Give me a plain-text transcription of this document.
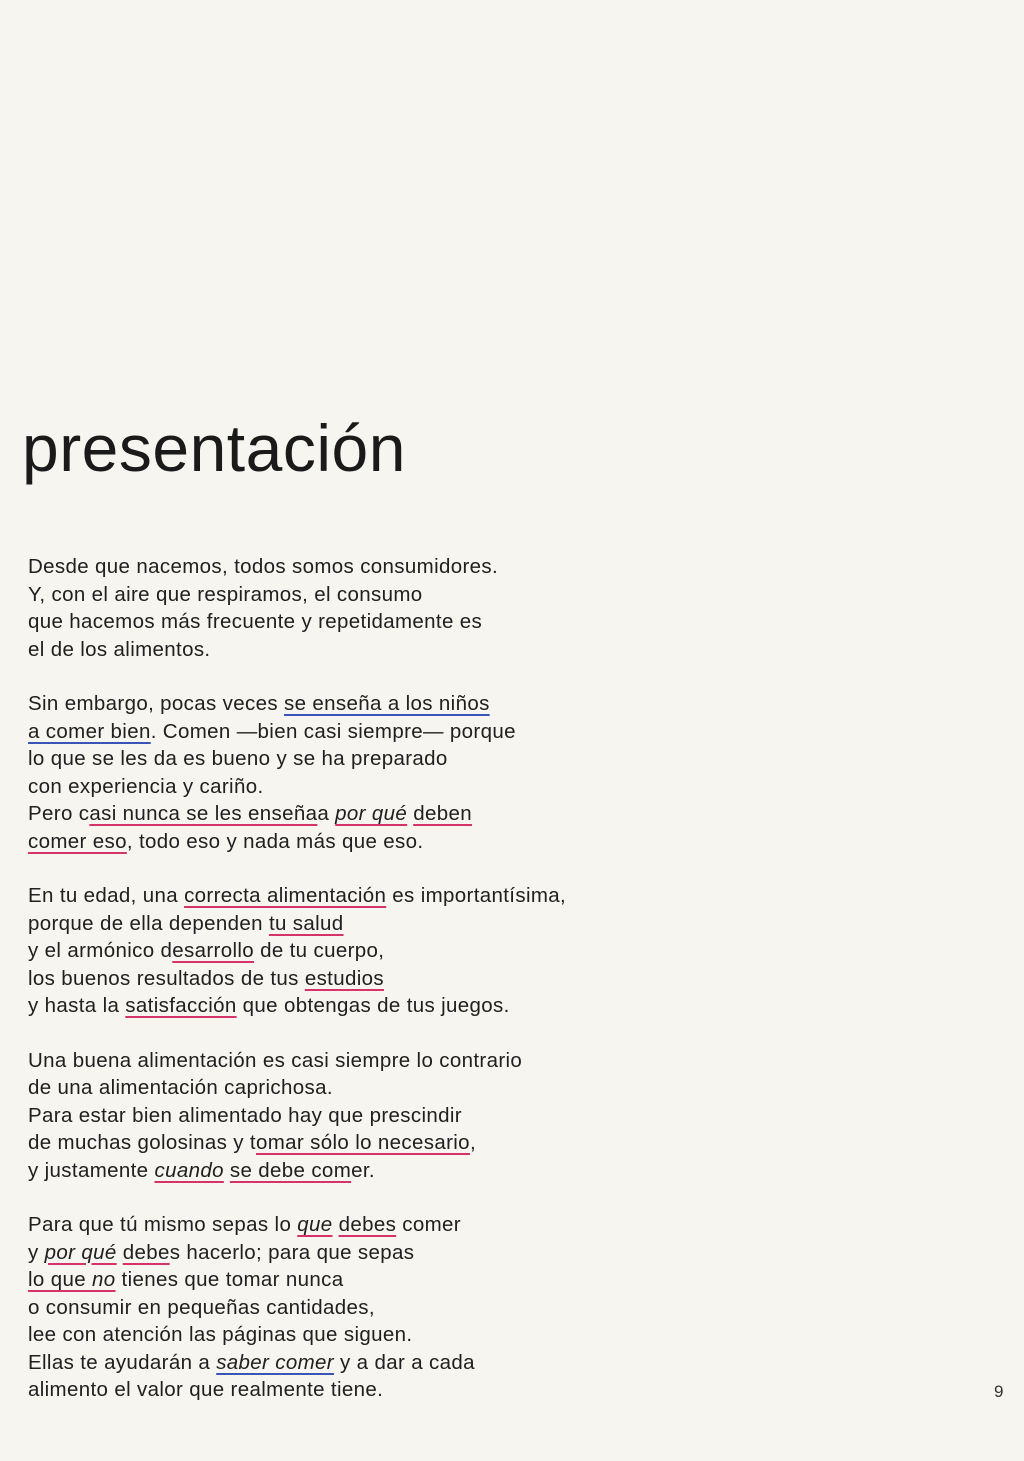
presentación
Desde que nacemos, todos somos consumidores.
Y, con el aire que respiramos, el consumo
que hacemos más frecuente y repetidamente es
el de los alimentos.
Sin embargo, pocas veces se enseña a los niños
a comer bien. Comen —bien casi siempre— porque
lo que se les da es bueno y se ha preparado
con experiencia y cariño.
Pero casi nunca se les enseñaa por qué deben
comer eso, todo eso y nada más que eso.
En tu edad, una correcta alimentación es importantísima,
porque de ella dependen tu salud
y el armónico desarrollo de tu cuerpo,
los buenos resultados de tus estudios
y hasta la satisfacción que obtengas de tus juegos.
Una buena alimentación es casi siempre lo contrario
de una alimentación caprichosa.
Para estar bien alimentado hay que prescindir
de muchas golosinas y tomar sólo lo necesario,
y justamente cuando se debe comer.
Para que tú mismo sepas lo que debes comer
y por qué debes hacerlo; para que sepas
lo que no tienes que tomar nunca
o consumir en pequeñas cantidades,
lee con atención las páginas que siguen.
Ellas te ayudarán a saber comer y a dar a cada
alimento el valor que realmente tiene.	9
